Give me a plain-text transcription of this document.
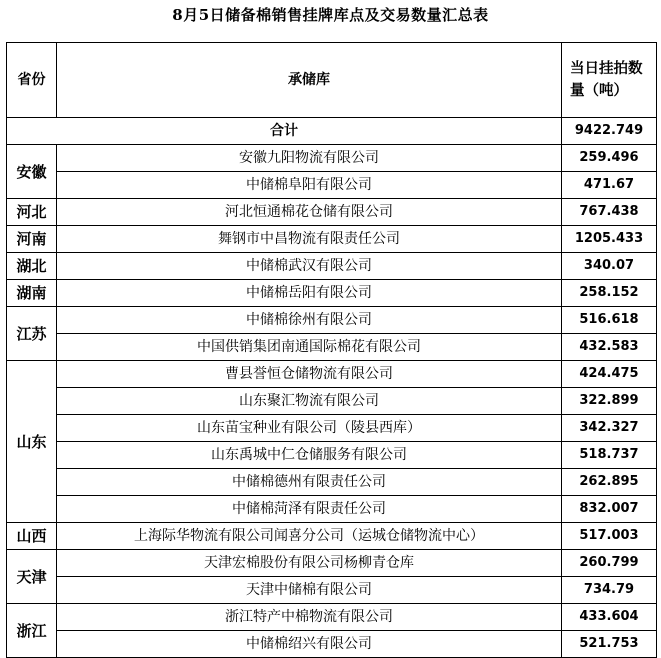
8月5日储备棉销售挂牌库点及交易数量汇总表
省份	承储库	当日挂拍数量（吨）
合计		9422.749
安徽	安徽九阳物流有限公司	259.496
	中储棉阜阳有限公司	471.67
河北	河北恒通棉花仓储有限公司	767.438
河南	舞钢市中昌物流有限责任公司	1205.433
湖北	中储棉武汉有限公司	340.07
湖南	中储棉岳阳有限公司	258.152
江苏	中储棉徐州有限公司	516.618
	中国供销集团南通国际棉花有限公司	432.583
山东	曹县誉恒仓储物流有限公司	424.475
	山东聚汇物流有限公司	322.899
	山东苗宝种业有限公司（陵县西库）	342.327
	山东禹城中仁仓储服务有限公司	518.737
	中储棉德州有限责任公司	262.895
	中储棉菏泽有限责任公司	832.007
山西	上海际华物流有限公司闻喜分公司（运城仓储物流中心）	517.003
天津	天津宏棉股份有限公司杨柳青仓库	260.799
	天津中储棉有限公司	734.79
浙江	浙江特产中棉物流有限公司	433.604
	中储棉绍兴有限公司	521.753
